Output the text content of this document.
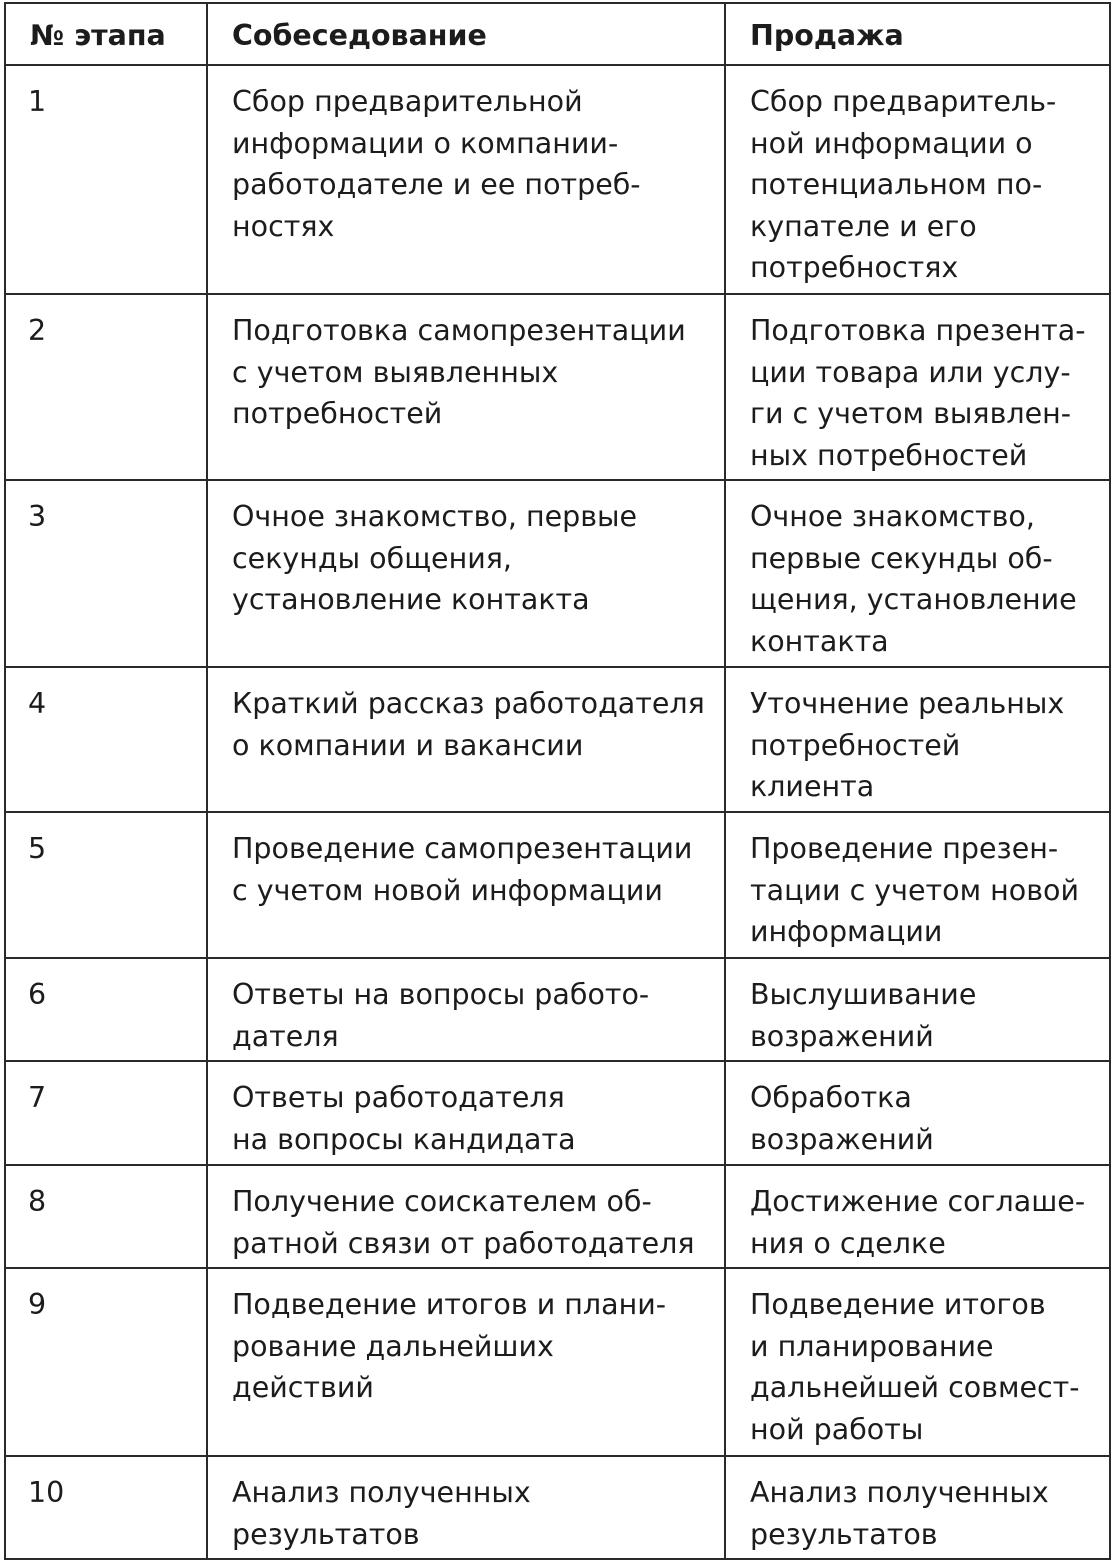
№ этапа	Собеседование	Продажа
1	Сбор предварительной
информации о компании-
работодателе и ее потреб-
ностях	Сбор предваритель-
ной информации о
потенциальном по-
купателе и его
потребностях
2	Подготовка самопрезентации
с учетом выявленных
потребностей	Подготовка презента-
ции товара или услу-
ги с учетом выявлен-
ных потребностей
3	Очное знакомство, первые
секунды общения,
установление контакта	Очное знакомство,
первые секунды об-
щения, установление
контакта
4	Краткий рассказ работодателя
о компании и вакансии	Уточнение реальных
потребностей
клиента
5	Проведение самопрезентации
с учетом новой информации	Проведение презен-
тации с учетом новой
информации
6	Ответы на вопросы работо-
дателя	Выслушивание
возражений
7	Ответы работодателя
на вопросы кандидата	Обработка
возражений
8	Получение соискателем об-
ратной связи от работодателя	Достижение соглаше-
ния о сделке
9	Подведение итогов и плани-
рование дальнейших
действий	Подведение итогов
и планирование
дальнейшей совмест-
ной работы
10	Анализ полученных
результатов	Анализ полученных
результатов
